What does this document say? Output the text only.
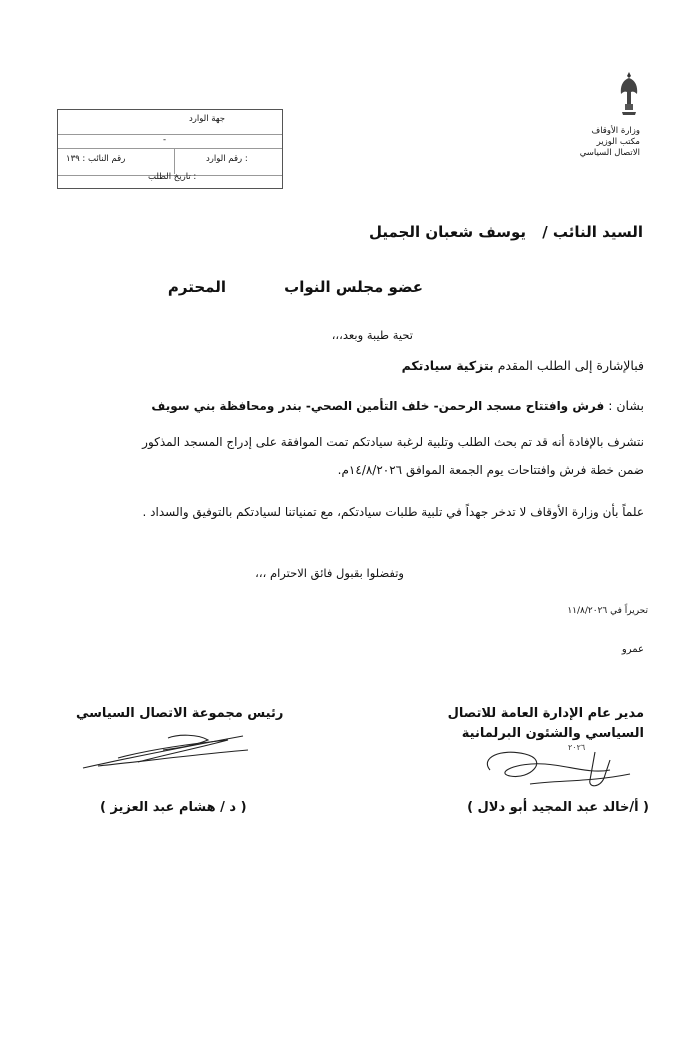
وزارة الأوقاف
مكتب الوزير
الاتصال السياسي
جهة الوارد
-
رقم الوارد :
رقم النائب : ١٣٩
تاريخ الطلب :
السيد النائب /
يوسف شعبان الجميل
عضو مجلس النواب
المحترم
تحية طيبة وبعد،،،
فبالإشارة إلى الطلب المقدم بتزكية سيادتكم
بشان : فرش وافتتاح مسجد الرحمن- خلف التأمين الصحي- بندر ومحافظة بني سويف
نتشرف بالإفادة أنه قد تم بحث الطلب وتلبية لرغبة سيادتكم تمت الموافقة على إدراج المسجد المذكور
ضمن خطة فرش وافتتاحات يوم الجمعة الموافق ١٤/٨/٢٠٢٦م.
علماً بأن وزارة الأوقاف لا تدخر جهداً في تلبية طلبات سيادتكم، مع تمنياتنا لسيادتكم بالتوفيق والسداد .
وتفضلوا بقبول فائق الاحترام ،،،
تحريراً في ١١/٨/٢٠٢٦
عمرو
مدير عام الإدارة العامة للاتصال
السياسي والشئون البرلمانية
٢٠٢٦
( أ/خالد عبد المجيد أبو دلال )
رئيس مجموعة الاتصال السياسي
( د / هشام عبد العزيز )
